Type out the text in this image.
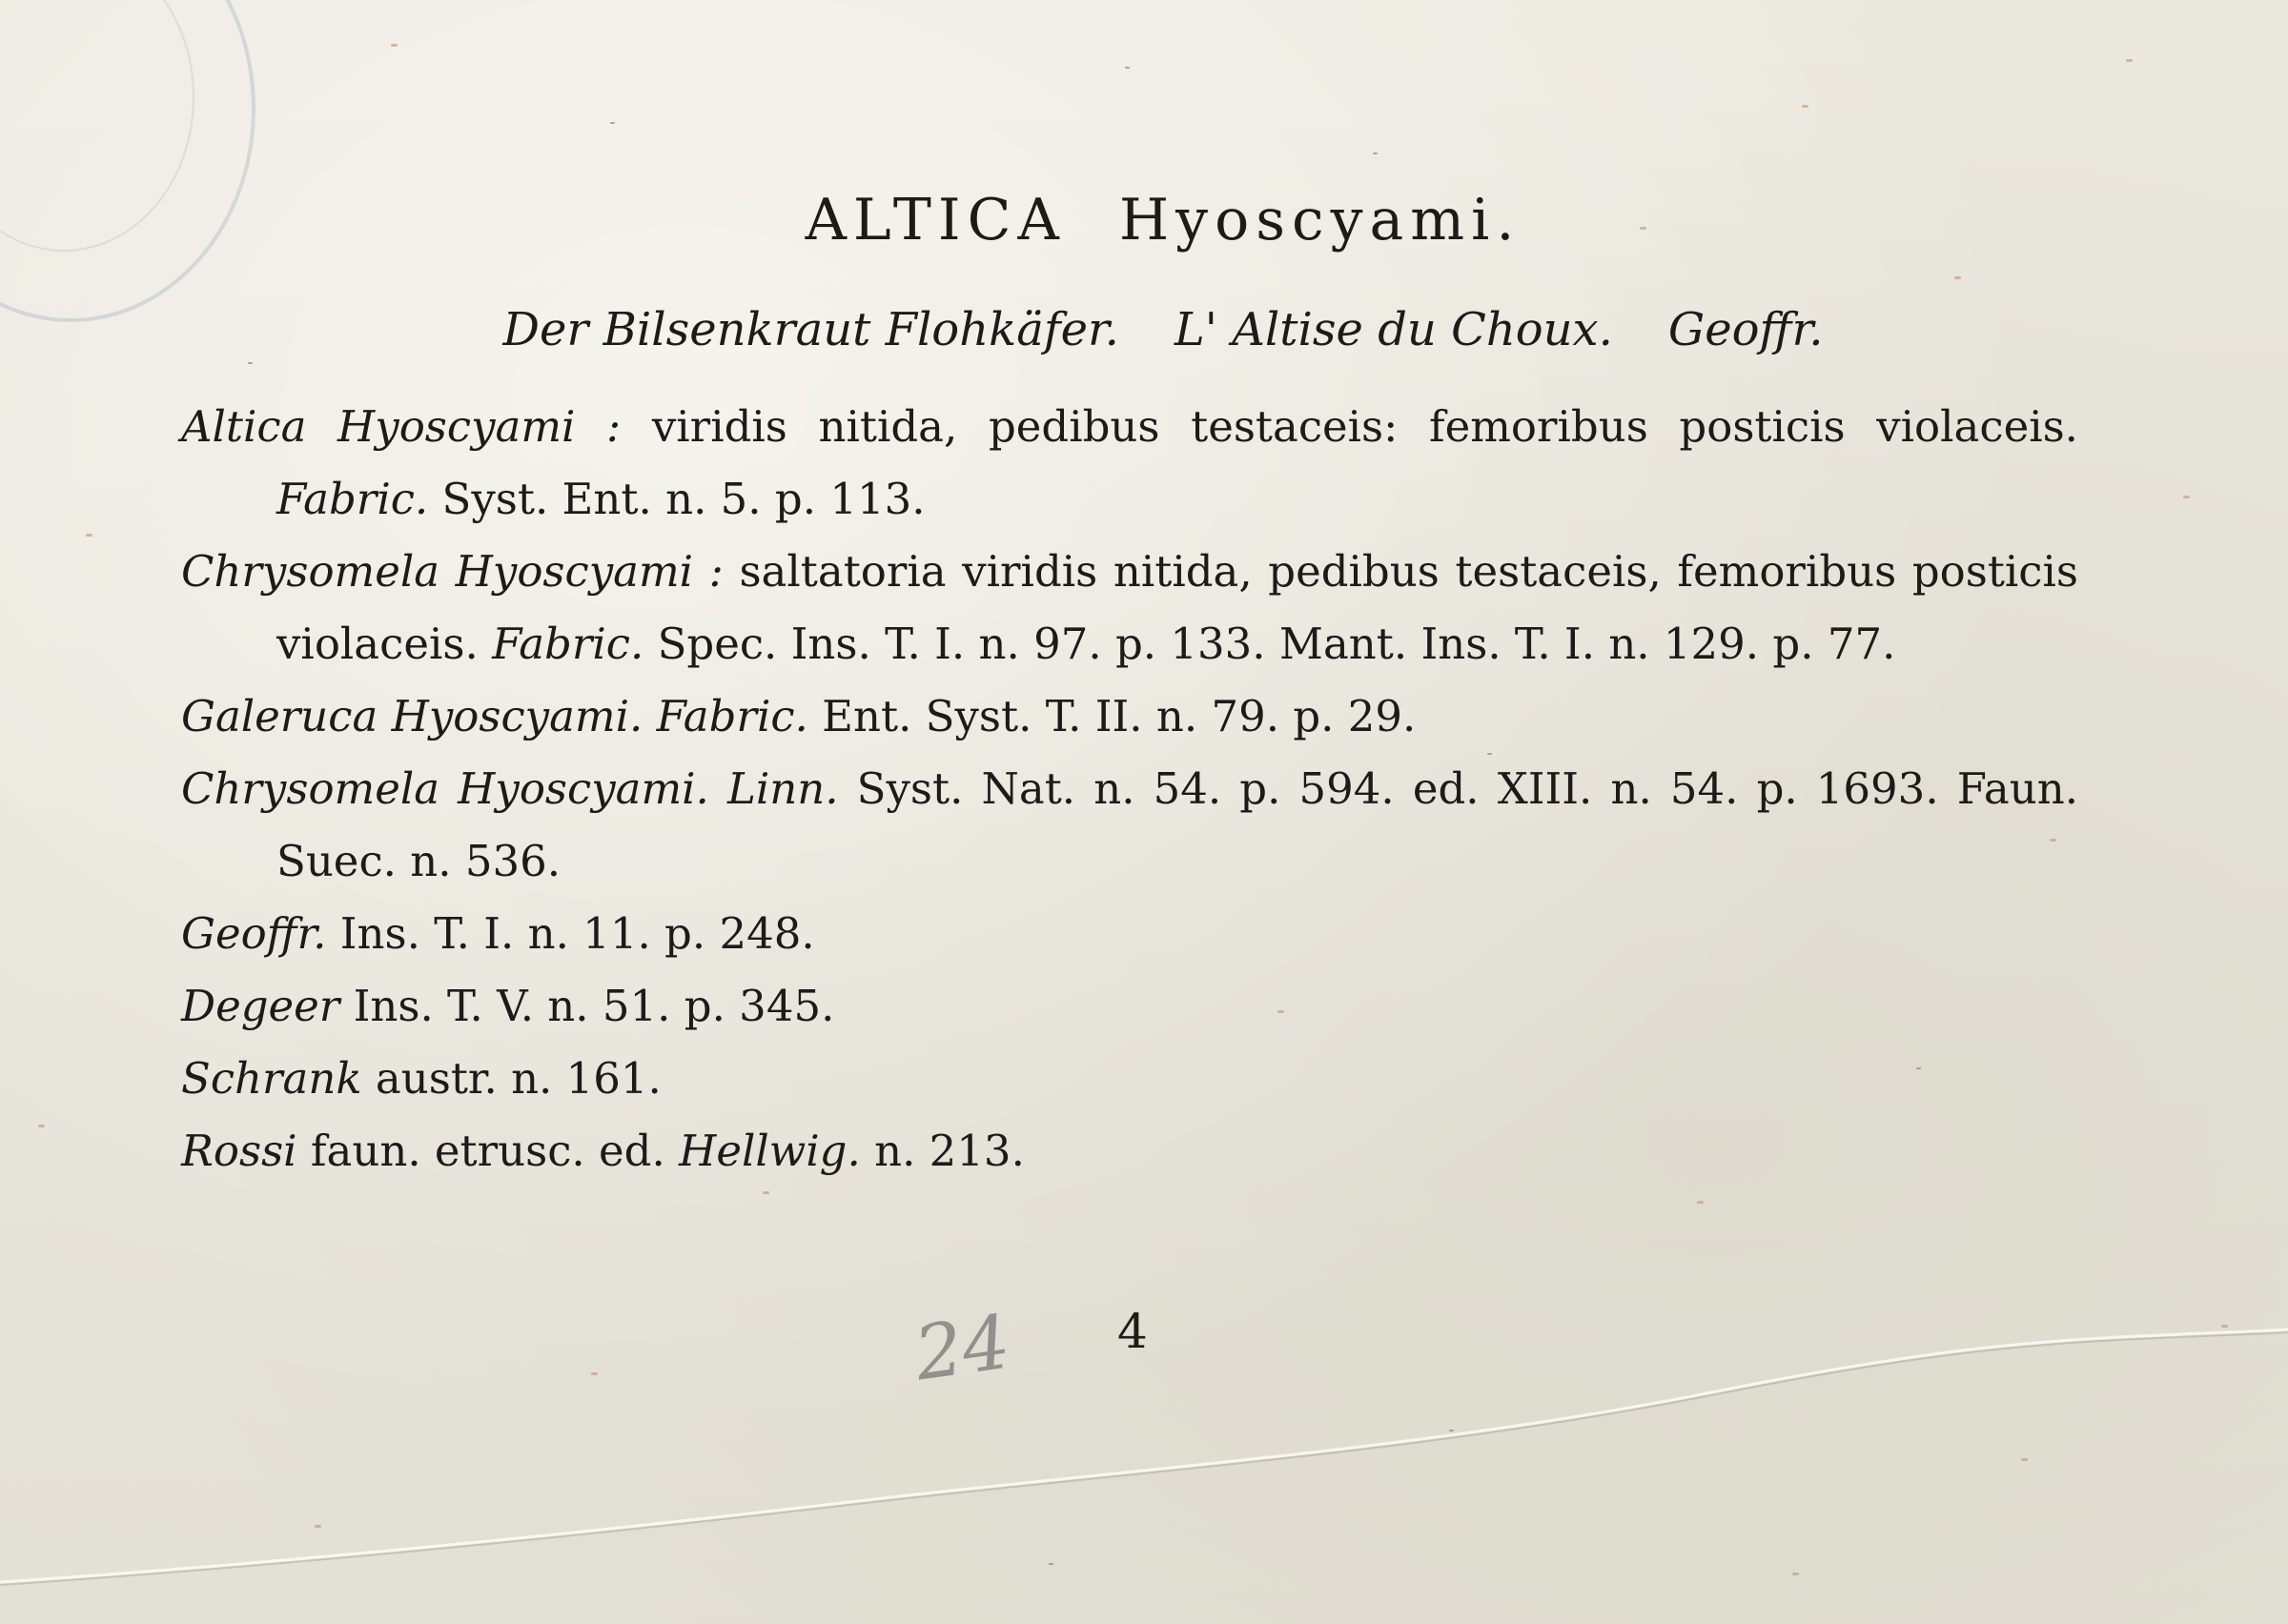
ALTICA Hyoscyami.
Der Bilsenkraut Flohkäfer. L' Altise du Choux. Geoffr.
Altica Hyoscyami : viridis nitida, pedibus testaceis: femoribus posticis violaceis. Fabric. Syst. Ent. n. 5. p. 113.
Chrysomela Hyoscyami : saltatoria viridis nitida, pedibus testaceis, femoribus posticis violaceis. Fabric. Spec. Ins. T. I. n. 97. p. 133. Mant. Ins. T. I. n. 129. p. 77.
Galeruca Hyoscyami. Fabric. Ent. Syst. T. II. n. 79. p. 29.
Chrysomela Hyoscyami. Linn. Syst. Nat. n. 54. p. 594. ed. XIII. n. 54. p. 1693. Faun. Suec. n. 536.
Geoffr. Ins. T. I. n. 11. p. 248.
Degeer Ins. T. V. n. 51. p. 345.
Schrank austr. n. 161.
Rossi faun. etrusc. ed. Hellwig. n. 213.
24 4
